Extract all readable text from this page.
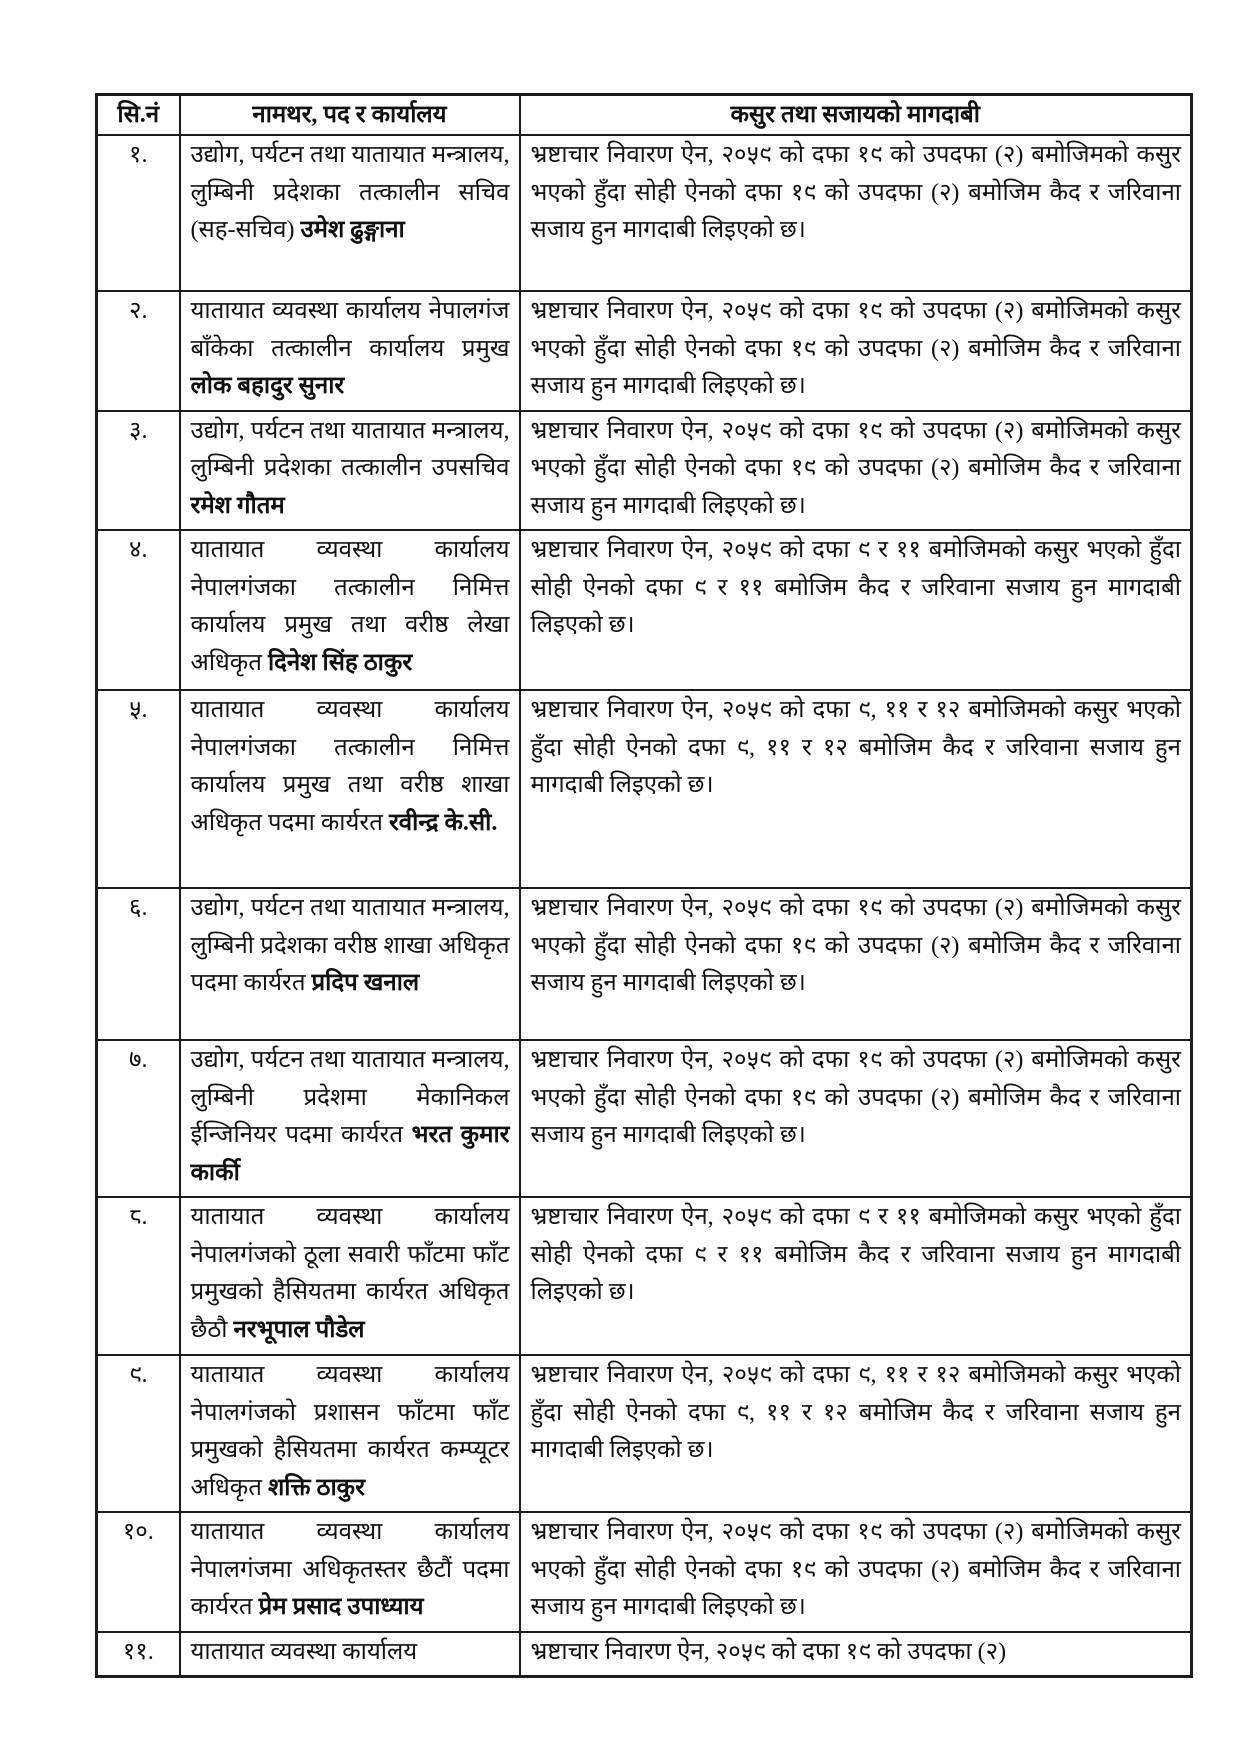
सि.नं	नामथर, पद र कार्यालय	कसुर तथा सजायको मागदाबी
१.	उद्योग, पर्यटन तथा यातायात मन्त्रालय, लुम्बिनी प्रदेशका तत्कालीन सचिव (सह-सचिव) उमेश ढुङ्गाना	भ्रष्टाचार निवारण ऐन, २०५९ को दफा १९ को उपदफा (२) बमोजिमको कसुर भएको हुँदा सोही ऐनको दफा १९ को उपदफा (२) बमोजिम कैद र जरिवाना सजाय हुन मागदाबी लिइएको छ।
२.	यातायात व्यवस्था कार्यालय नेपालगंज बाँकेका तत्कालीन कार्यालय प्रमुख लोक बहादुर सुनार	भ्रष्टाचार निवारण ऐन, २०५९ को दफा १९ को उपदफा (२) बमोजिमको कसुर भएको हुँदा सोही ऐनको दफा १९ को उपदफा (२) बमोजिम कैद र जरिवाना सजाय हुन मागदाबी लिइएको छ।
३.	उद्योग, पर्यटन तथा यातायात मन्त्रालय, लुम्बिनी प्रदेशका तत्कालीन उपसचिव रमेश गौतम	भ्रष्टाचार निवारण ऐन, २०५९ को दफा १९ को उपदफा (२) बमोजिमको कसुर भएको हुँदा सोही ऐनको दफा १९ को उपदफा (२) बमोजिम कैद र जरिवाना सजाय हुन मागदाबी लिइएको छ।
४.	यातायात व्यवस्था कार्यालय नेपालगंजका तत्कालीन निमित्त कार्यालय प्रमुख तथा वरीष्ठ लेखा अधिकृत दिनेश सिंह ठाकुर	भ्रष्टाचार निवारण ऐन, २०५९ को दफा ९ र ११ बमोजिमको कसुर भएको हुँदा सोही ऐनको दफा ९ र ११ बमोजिम कैद र जरिवाना सजाय हुन मागदाबी लिइएको छ।
५.	यातायात व्यवस्था कार्यालय नेपालगंजका तत्कालीन निमित्त कार्यालय प्रमुख तथा वरीष्ठ शाखा अधिकृत पदमा कार्यरत रवीन्द्र के.सी.	भ्रष्टाचार निवारण ऐन, २०५९ को दफा ९, ११ र १२ बमोजिमको कसुर भएको हुँदा सोही ऐनको दफा ९, ११ र १२ बमोजिम कैद र जरिवाना सजाय हुन मागदाबी लिइएको छ।
६.	उद्योग, पर्यटन तथा यातायात मन्त्रालय, लुम्बिनी प्रदेशका वरीष्ठ शाखा अधिकृत पदमा कार्यरत प्रदिप खनाल	भ्रष्टाचार निवारण ऐन, २०५९ को दफा १९ को उपदफा (२) बमोजिमको कसुर भएको हुँदा सोही ऐनको दफा १९ को उपदफा (२) बमोजिम कैद र जरिवाना सजाय हुन मागदाबी लिइएको छ।
७.	उद्योग, पर्यटन तथा यातायात मन्त्रालय, लुम्बिनी प्रदेशमा मेकानिकल ईन्जिनियर पदमा कार्यरत भरत कुमार कार्की	भ्रष्टाचार निवारण ऐन, २०५९ को दफा १९ को उपदफा (२) बमोजिमको कसुर भएको हुँदा सोही ऐनको दफा १९ को उपदफा (२) बमोजिम कैद र जरिवाना सजाय हुन मागदाबी लिइएको छ।
८.	यातायात व्यवस्था कार्यालय नेपालगंजको ठूला सवारी फाँटमा फाँट प्रमुखको हैसियतमा कार्यरत अधिकृत छैठौ नरभूपाल पौडेल	भ्रष्टाचार निवारण ऐन, २०५९ को दफा ९ र ११ बमोजिमको कसुर भएको हुँदा सोही ऐनको दफा ९ र ११ बमोजिम कैद र जरिवाना सजाय हुन मागदाबी लिइएको छ।
९.	यातायात व्यवस्था कार्यालय नेपालगंजको प्रशासन फाँटमा फाँट प्रमुखको हैसियतमा कार्यरत कम्प्यूटर अधिकृत शक्ति ठाकुर	भ्रष्टाचार निवारण ऐन, २०५९ को दफा ९, ११ र १२ बमोजिमको कसुर भएको हुँदा सोही ऐनको दफा ९, ११ र १२ बमोजिम कैद र जरिवाना सजाय हुन मागदाबी लिइएको छ।
१०.	यातायात व्यवस्था कार्यालय नेपालगंजमा अधिकृतस्तर छैटौं पदमा कार्यरत प्रेम प्रसाद उपाध्याय	भ्रष्टाचार निवारण ऐन, २०५९ को दफा १९ को उपदफा (२) बमोजिमको कसुर भएको हुँदा सोही ऐनको दफा १९ को उपदफा (२) बमोजिम कैद र जरिवाना सजाय हुन मागदाबी लिइएको छ।
११.	यातायात व्यवस्था कार्यालय	भ्रष्टाचार निवारण ऐन, २०५९ को दफा १९ को उपदफा (२)
